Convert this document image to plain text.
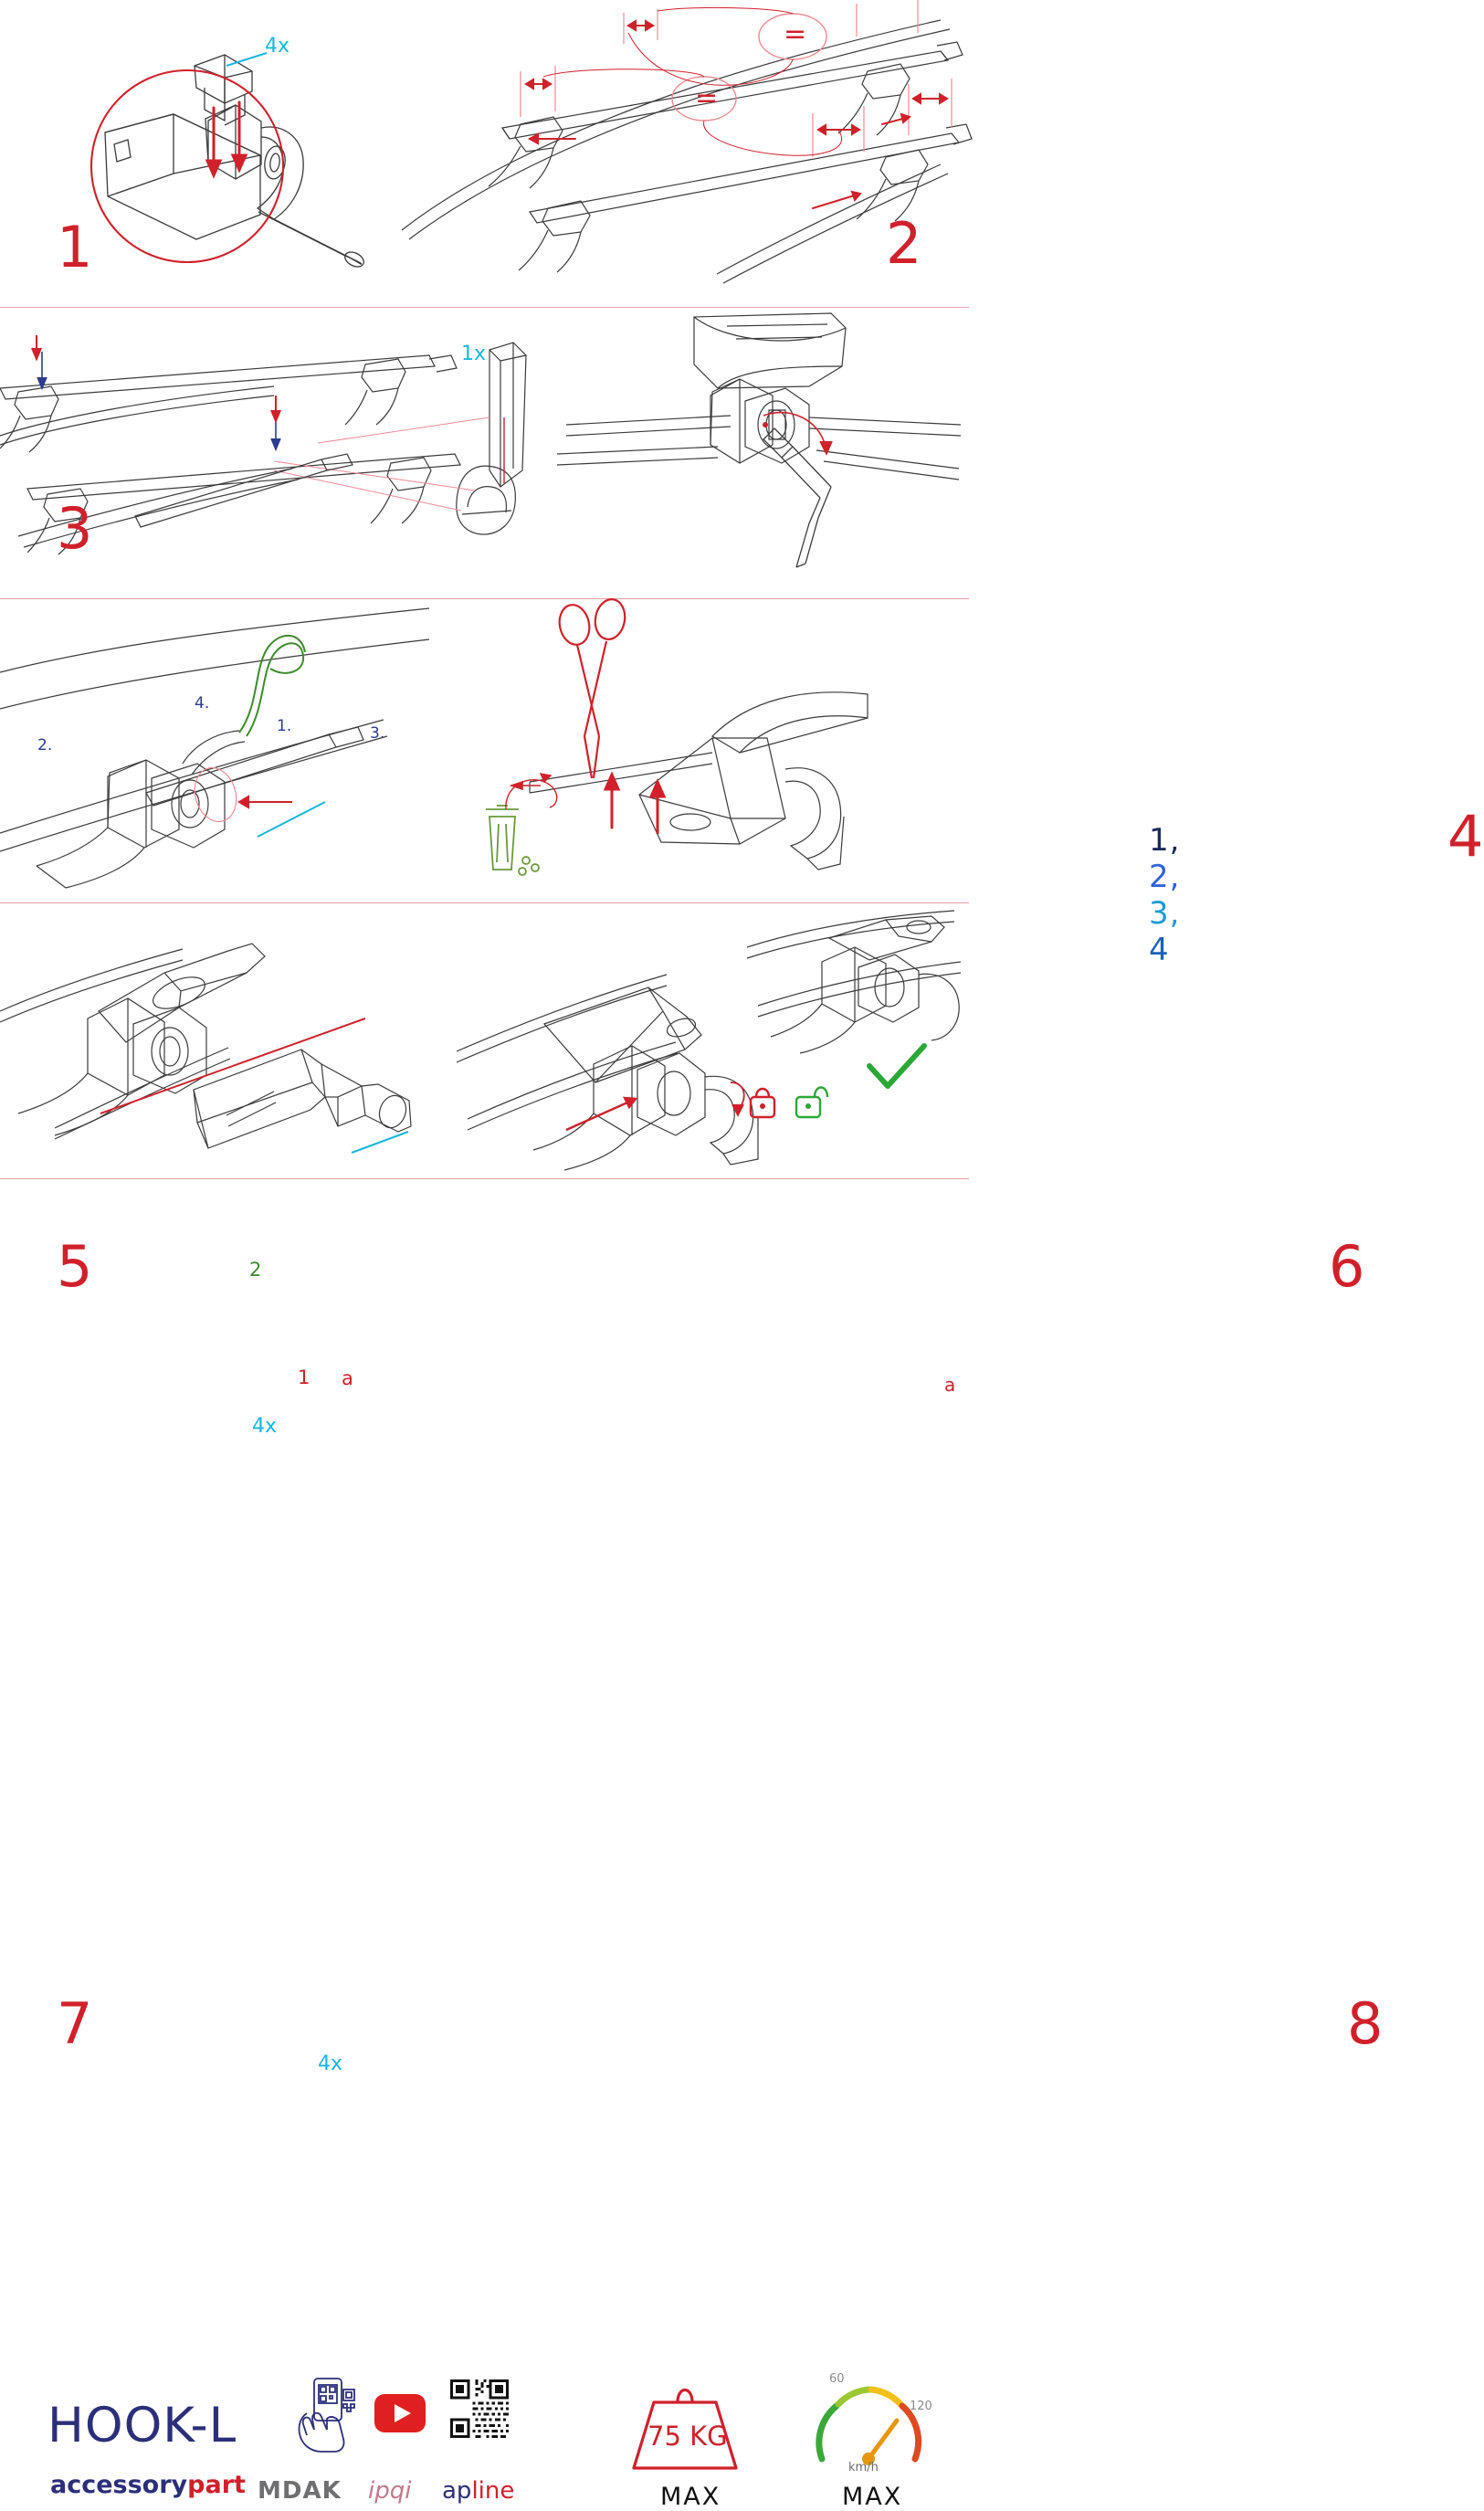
4x
1	2
=
=
2.
1.	3.
4.
1x
3
1, 2, 3, 4
4
5
1
2
a
4x
6
a
7
4x
8
HOOK-L
accessorypart MDAK ipqi apline
75 KG
MAX
60
120
km/h
MAX
